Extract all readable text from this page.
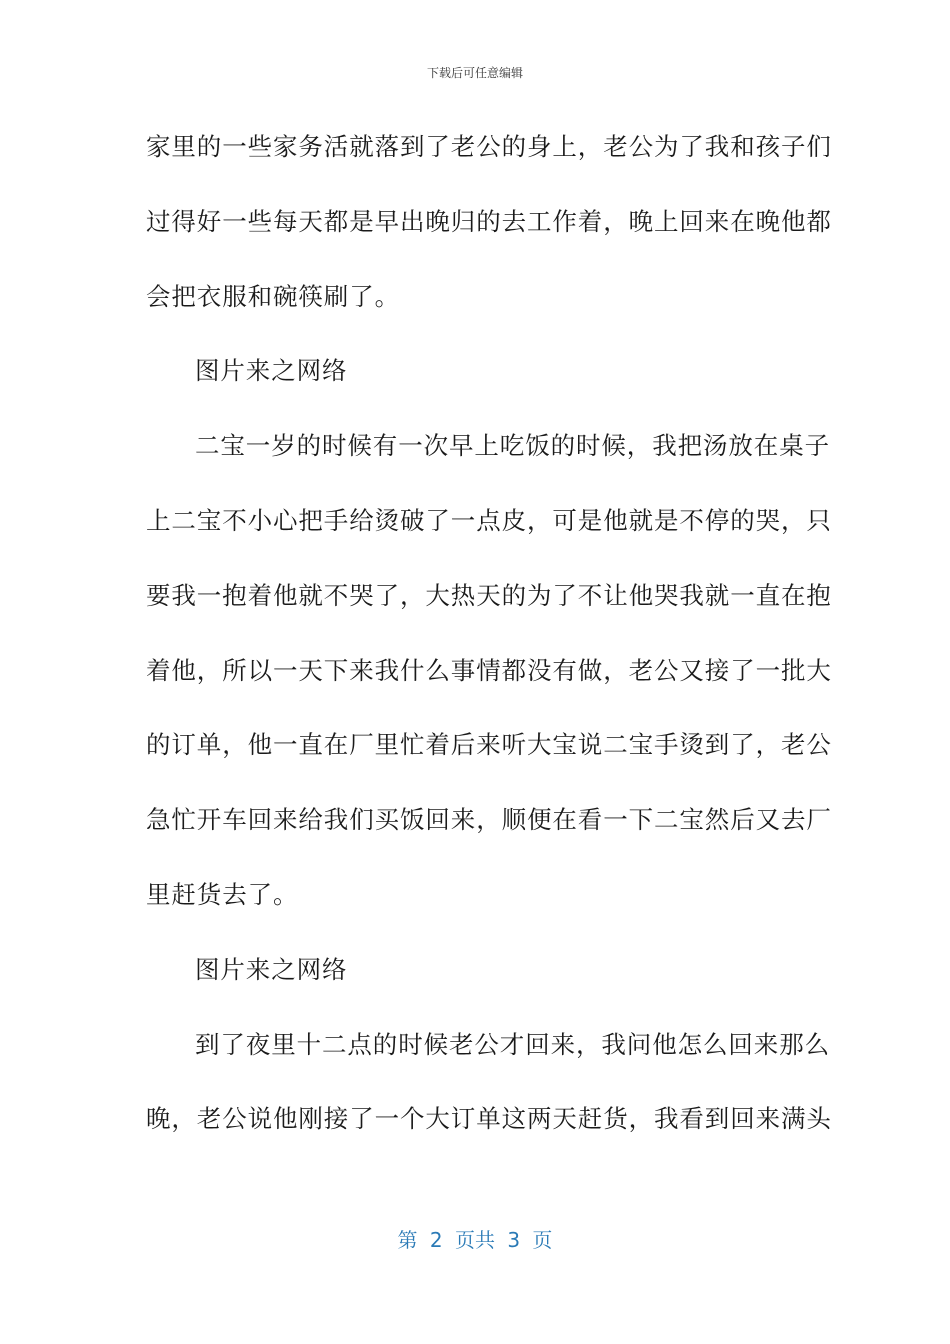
下载后可任意编辑
家里的一些家务活就落到了老公的身上，老公为了我和孩子们
过得好一些每天都是早出晚归的去工作着，晚上回来在晚他都
会把衣服和碗筷刷了。
图片来之网络
二宝一岁的时候有一次早上吃饭的时候，我把汤放在桌子
上二宝不小心把手给烫破了一点皮，可是他就是不停的哭，只
要我一抱着他就不哭了，大热天的为了不让他哭我就一直在抱
着他，所以一天下来我什么事情都没有做，老公又接了一批大
的订单，他一直在厂里忙着后来听大宝说二宝手烫到了，老公
急忙开车回来给我们买饭回来，顺便在看一下二宝然后又去厂
里赶货去了。
图片来之网络
到了夜里十二点的时候老公才回来，我问他怎么回来那么
晚，老公说他刚接了一个大订单这两天赶货，我看到回来满头
第 2 页共 3 页
